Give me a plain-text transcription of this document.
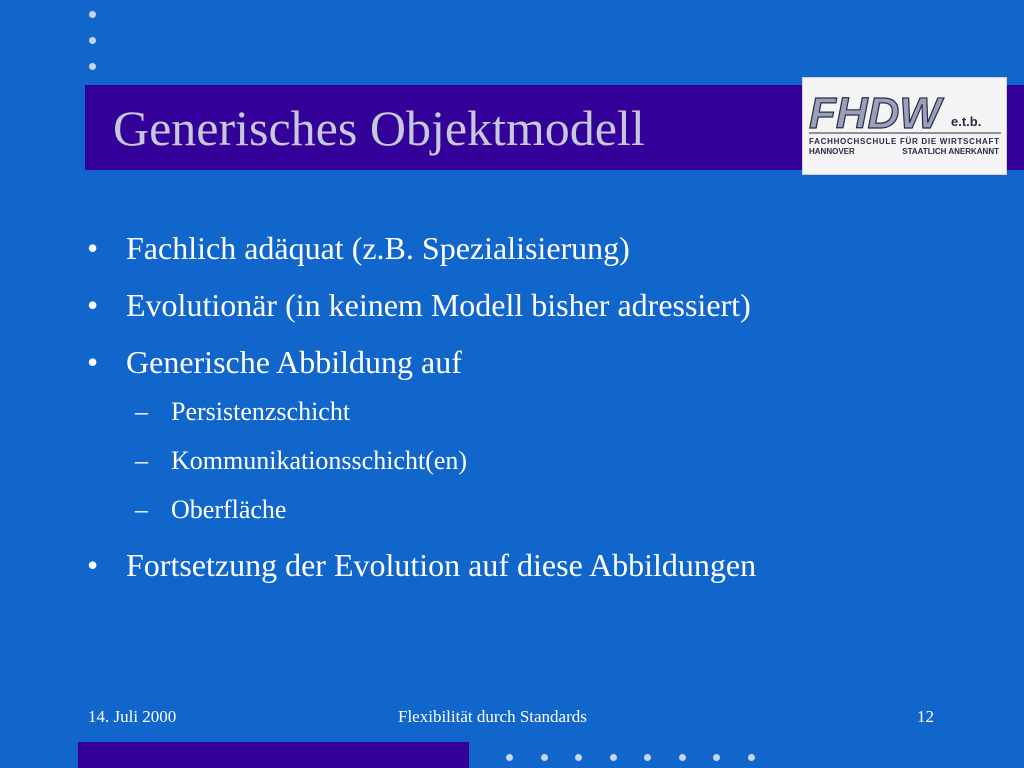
Generisches Objektmodell	FHDW e.t.b.
FACHHOCHSCHULE FÜR DIE WIRTSCHAFT
HANNOVER	STAATLICH ANERKANNT
• Fachlich adäquat (z.B. Spezialisierung)
• Evolutionär (in keinem Modell bisher adressiert)
• Generische Abbildung auf
– Persistenzschicht
– Kommunikationsschicht(en)
– Oberfläche
• Fortsetzung der Evolution auf diese Abbildungen
14. Juli 2000	Flexibilität durch Standards	12
